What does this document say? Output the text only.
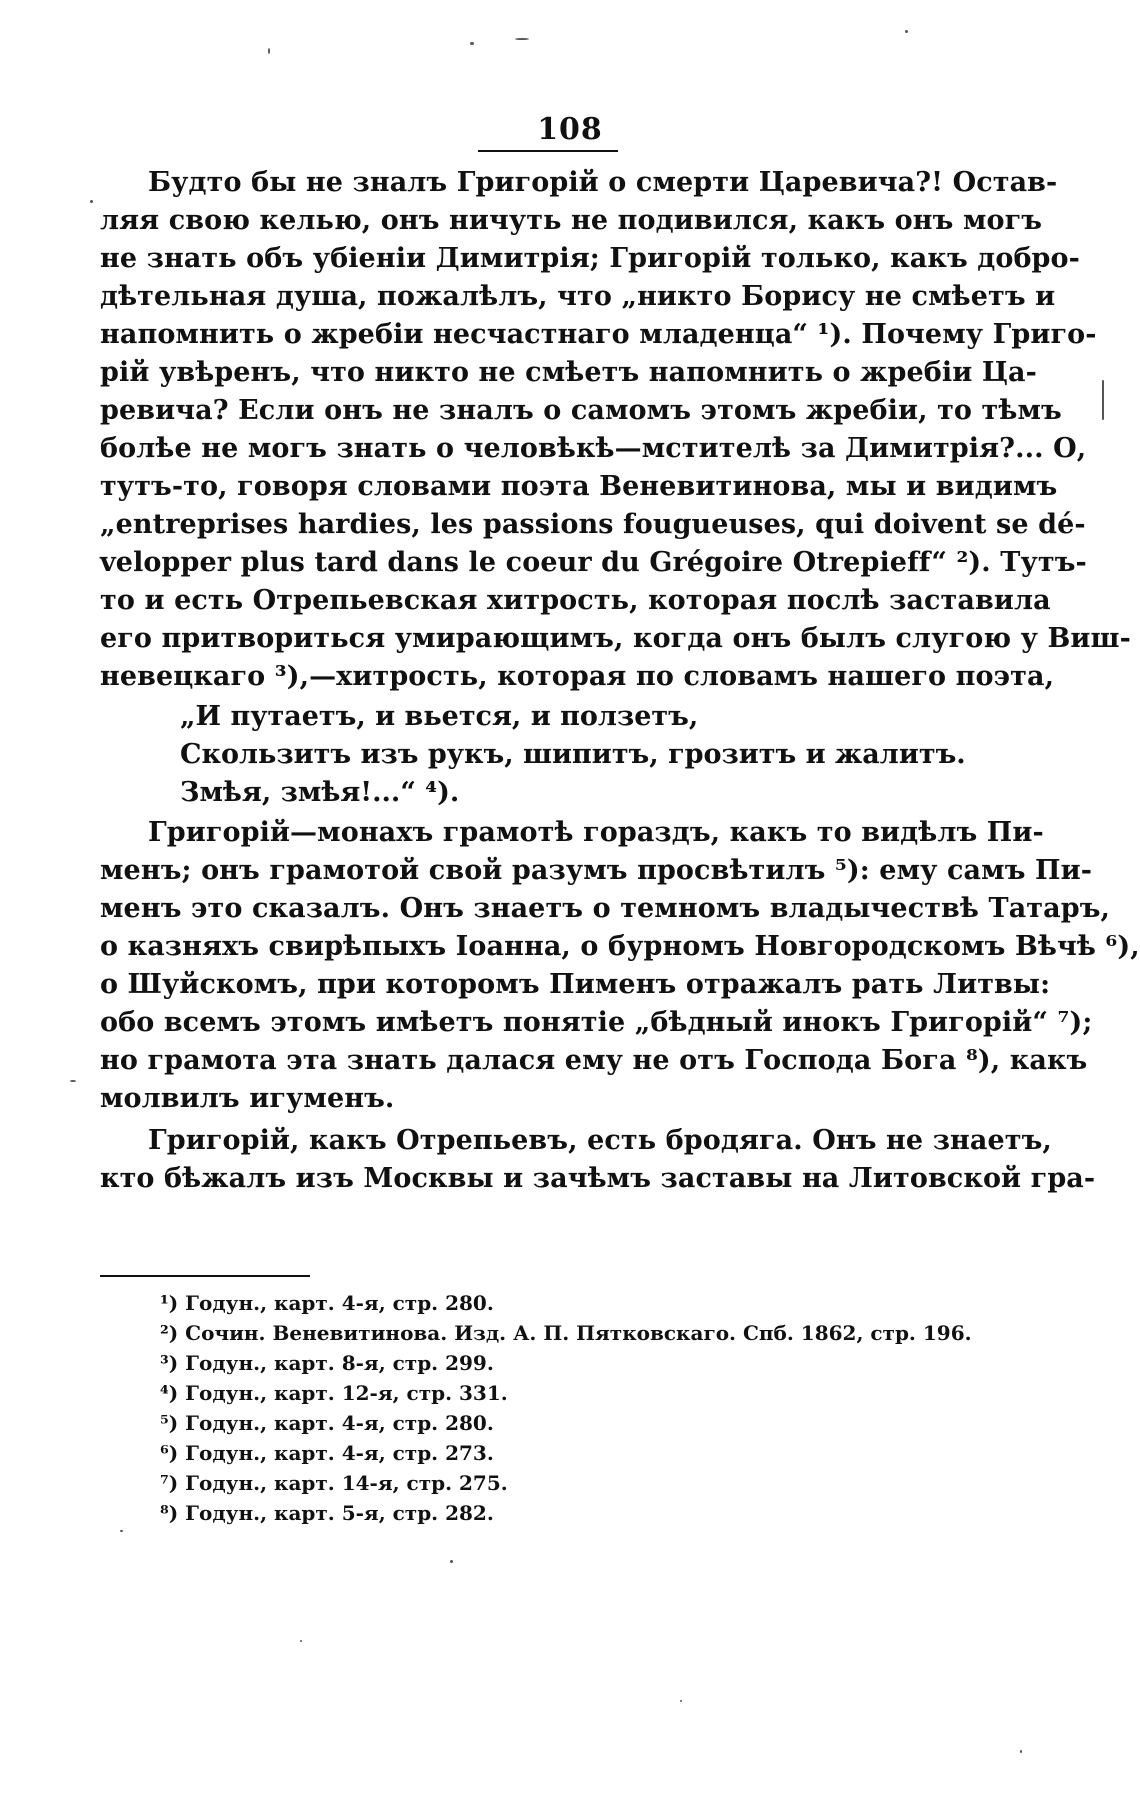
108
Будто бы не зналъ Григорій о смерти Царевича?! Остав-
ляя свою келью, онъ ничуть не подивился, какъ онъ могъ
не знать объ убіеніи Димитрія; Григорій только, какъ добро-
дѣтельная душа, пожалѣлъ, что „никто Борису не смѣетъ и
напомнить о жребіи несчастнаго младенца“ ¹). Почему Григо-
рій увѣренъ, что никто не смѣетъ напомнить о жребіи Ца-
ревича? Если онъ не зналъ о самомъ этомъ жребіи, то тѣмъ
болѣе не могъ знать о человѣкѣ—мстителѣ за Димитрія?... О,
тутъ-то, говоря словами поэта Веневитинова, мы и видимъ
„entreprises hardies, les passions fougueuses, qui doivent se dé-
velopper plus tard dans le coeur du Grégoire Otrepieff“ ²). Тутъ-
то и есть Отрепьевская хитрость, которая послѣ заставила
его притвориться умирающимъ, когда онъ былъ слугою у Виш-
невецкаго ³),—хитрость, которая по словамъ нашего поэта,
„И путаетъ, и вьется, и ползетъ,
Скользитъ изъ рукъ, шипитъ, грозитъ и жалитъ.
Змѣя, змѣя!...“ ⁴).
Григорій—монахъ грамотѣ гораздъ, какъ то видѣлъ Пи-
менъ; онъ грамотой свой разумъ просвѣтилъ ⁵): ему самъ Пи-
менъ это сказалъ. Онъ знаетъ о темномъ владычествѣ Татаръ,
о казняхъ свирѣпыхъ Іоанна, о бурномъ Новгородскомъ Вѣчѣ ⁶),
о Шуйскомъ, при которомъ Пименъ отражалъ рать Литвы:
обо всемъ этомъ имѣетъ понятіе „бѣдный инокъ Григорій“ ⁷);
но грамота эта знать далася ему не отъ Господа Бога ⁸), какъ
молвилъ игуменъ.
Григорій, какъ Отрепьевъ, есть бродяга. Онъ не знаетъ,
кто бѣжалъ изъ Москвы и зачѣмъ заставы на Литовской гра-
¹) Годун., карт. 4-я, стр. 280.
²) Сочин. Веневитинова. Изд. А. П. Пятковскаго. Спб. 1862, стр. 196.
³) Годун., карт. 8-я, стр. 299.
⁴) Годун., карт. 12-я, стр. 331.
⁵) Годун., карт. 4-я, стр. 280.
⁶) Годун., карт. 4-я, стр. 273.
⁷) Годун., карт. 14-я, стр. 275.
⁸) Годун., карт. 5-я, стр. 282.
